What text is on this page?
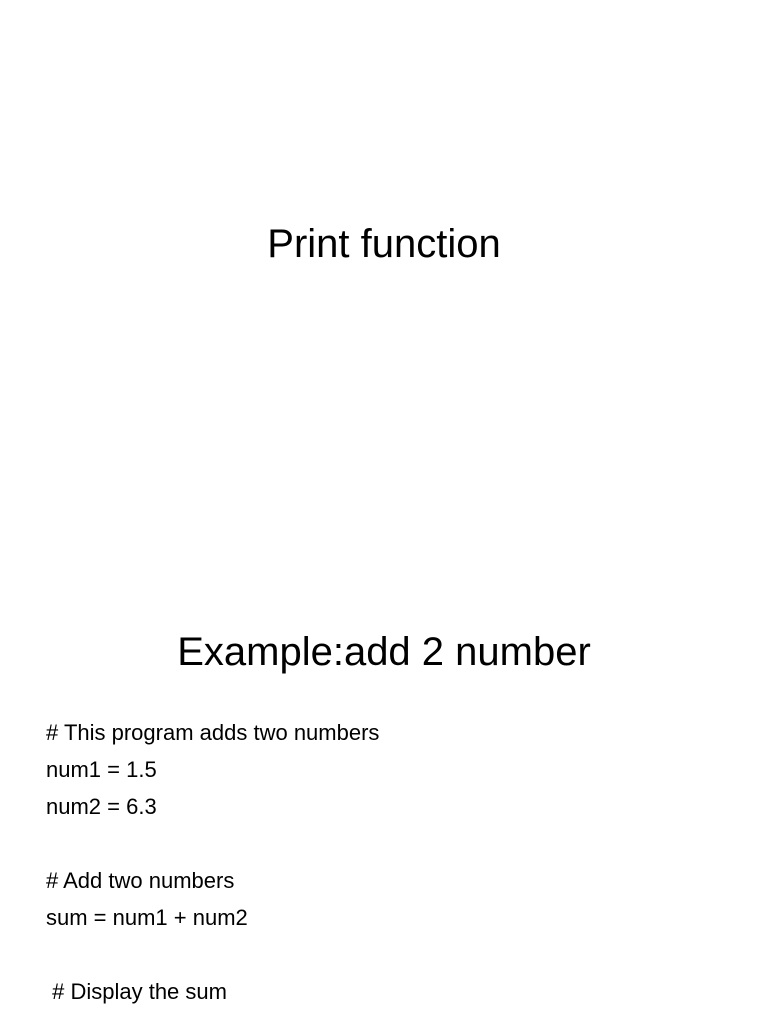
Print function
Example:add 2 number
# This program adds two numbers
num1 = 1.5
num2 = 6.3
# Add two numbers
sum = num1 + num2
# Display the sum
